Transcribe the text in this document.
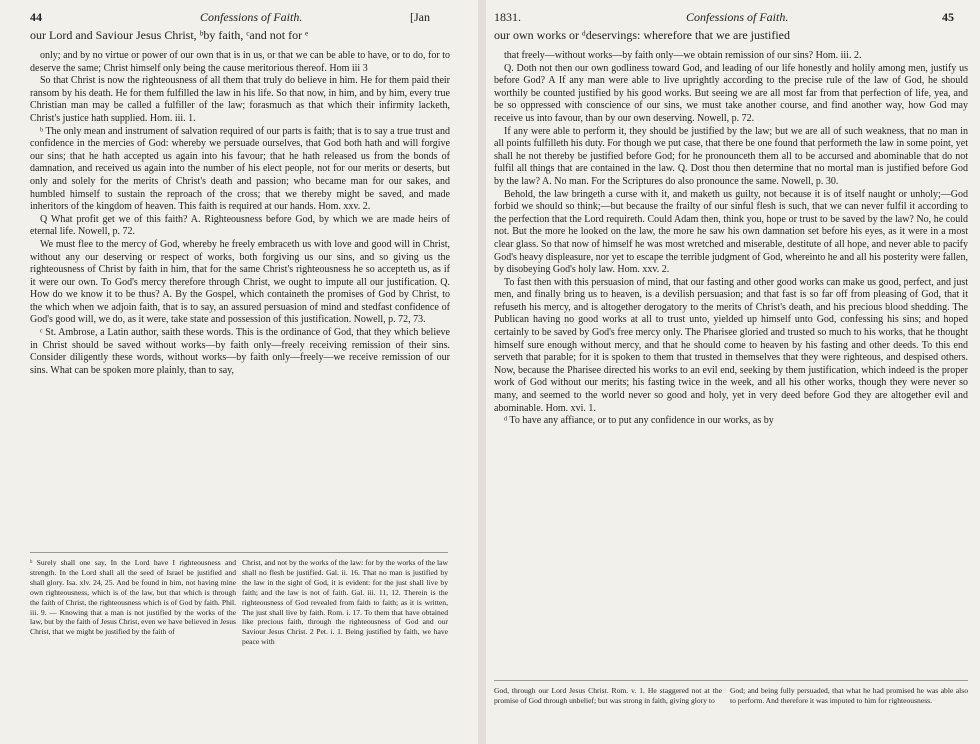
44	Confessions of Faith.	[Jan
our Lord and Saviour Jesus Christ, ᵇby faith, ᶜand not for ᵉ

only; and by no virtue or power of our own that is in us, or that we can be able to have, or to do, for to deserve the same; Christ himself only being the cause meritorious thereof. Hom iii 3

So that Christ is now the righteousness of all them that truly do believe in him. He for them paid their ransom by his death. He for them fulfilled the law in his life. So that now, in him, and by him, every true Christian man may be called a fulfiller of the law; forasmuch as that which their infirmity lacketh, Christ's justice hath supplied. Hom. iii. 1.

ᵇ The only mean and instrument of salvation required of our parts is faith; that is to say a true trust and confidence in the mercies of God: whereby we persuade ourselves, that God both hath and will forgive our sins; that he hath accepted us again into his favour; that he hath released us from the bonds of damnation, and received us again into the number of his elect people, not for our merits or deserts, but only and solely for the merits of Christ's death and passion; who became man for our sakes, and humbled himself to sustain the reproach of the cross; that we thereby might be saved, and made inheritors of the kingdom of heaven. This faith is required at our hands. Hom. xxv. 2.

Q What profit get we of this faith? A. Righteousness before God, by which we are made heirs of eternal life. Nowell, p. 72.

We must flee to the mercy of God, whereby he freely embraceth us with love and good will in Christ, without any our deserving or respect of works, both forgiving us our sins, and so giving us the righteousness of Christ by faith in him, that for the same Christ's righteousness he so accepteth us, as if it were our own. To God's mercy therefore through Christ, we ought to impute all our justification. Q. How do we know it to be thus? A. By the Gospel, which containeth the promises of God by Christ, to the which when we adjoin faith, that is to say, an assured persuasion of mind and stedfast confidence of God's good will, we do, as it were, take state and possession of this justification. Nowell, p. 72, 73.

ᶜ St. Ambrose, a Latin author, saith these words. This is the ordinance of God, that they which believe in Christ should be saved without works—by faith only—freely receiving remission of their sins. Consider diligently these words, without works—by faith only—freely—we receive remission of our sins. What can be spoken more plainly, than to say,

ᵇ Surely shall one say, In the Lord have I righteousness and strength. In the Lord shall all the seed of Israel be justified and shall glory. Isa. xlv. 24, 25. And be found in him, not having mine own righteousness, which is of the law, but that which is through the faith of Christ, the righteousness which is of God by faith. Phil. iii. 9. — Knowing that a man is not justified by the works of the law, but by the faith of Jesus Christ, even we have believed in Jesus Christ, that we might be justified by the faith of

Christ, and not by the works of the law: for by the works of the law shall no flesh be justified. Gal. ii. 16. That no man is justified by the law in the sight of God, it is evident: for the just shall live by faith; and the law is not of faith. Gal. iii. 11, 12. Therein is the righteousness of God revealed from faith to faith; as it is written, The just shall live by faith. Rom. i. 17. To them that have obtained like precious faith, through the righteousness of God and our Saviour Jesus Christ. 2 Pet. i. 1. Being justified by faith, we have peace with

1831.	Confessions of Faith.	45
our own works or ᵈdeservings: wherefore that we are justified

that freely—without works—by faith only—we obtain remission of our sins? Hom. iii. 2.

Q. Doth not then our own godliness toward God, and leading of our life honestly and holily among men, justify us before God? A If any man were able to live uprightly according to the precise rule of the law of God, he should worthily be counted justified by his good works. But seeing we are all most far from that perfection of life, yea, and be so oppressed with conscience of our sins, we must take another course, and find another way, how God may receive us into favour, than by our own deserving. Nowell, p. 72.

If any were able to perform it, they should be justified by the law; but we are all of such weakness, that no man in all points fulfilleth his duty. For though we put case, that there be one found that performeth the law in some point, yet shall he not thereby be justified before God; for he pronounceth them all to be accursed and abominable that do not fulfil all things that are contained in the law. Q. Dost thou then determine that no mortal man is justified before God by the law? A. No man. For the Scriptures do also pronounce the same. Nowell, p. 30.

Behold, the law bringeth a curse with it, and maketh us guilty, not because it is of itself naught or unholy;—God forbid we should so think;—but because the frailty of our sinful flesh is such, that we can never fulfil it according to the perfection that the Lord requireth. Could Adam then, think you, hope or trust to be saved by the law? No, he could not. But the more he looked on the law, the more he saw his own damnation set before his eyes, as it were in a most clear glass. So that now of himself he was most wretched and miserable, destitute of all hope, and never able to pacify God's heavy displeasure, nor yet to escape the terrible judgment of God, whereinto he and all his posterity were fallen, by disobeying God's holy law. Hom. xxv. 2.

To fast then with this persuasion of mind, that our fasting and other good works can make us good, perfect, and just men, and finally bring us to heaven, is a devilish persuasion; and that fast is so far off from pleasing of God, that it refuseth his mercy, and is altogether derogatory to the merits of Christ's death, and his precious blood shedding. The Publican having no good works at all to trust unto, yielded up himself unto God, confessing his sins; and hoped certainly to be saved by God's free mercy only. The Pharisee gloried and trusted so much to his works, that he thought himself sure enough without mercy, and that he should come to heaven by his fasting and other deeds. To this end serveth that parable; for it is spoken to them that trusted in themselves that they were righteous, and despised others. Now, because the Pharisee directed his works to an evil end, seeking by them justification, which indeed is the proper work of God without our merits; his fasting twice in the week, and all his other works, though they were never so many, and seemed to the world never so good and holy, yet in very deed before God they are altogether evil and abominable. Hom. xvi. 1.

ᵈ To have any affiance, or to put any confidence in our works, as by

God, through our Lord Jesus Christ. Rom. v. 1. He staggered not at the promise of God through unbelief; but was strong in faith, giving glory to

God; and being fully persuaded, that what he had promised he was able also to perform. And therefore it was imputed to him for righteousness.
